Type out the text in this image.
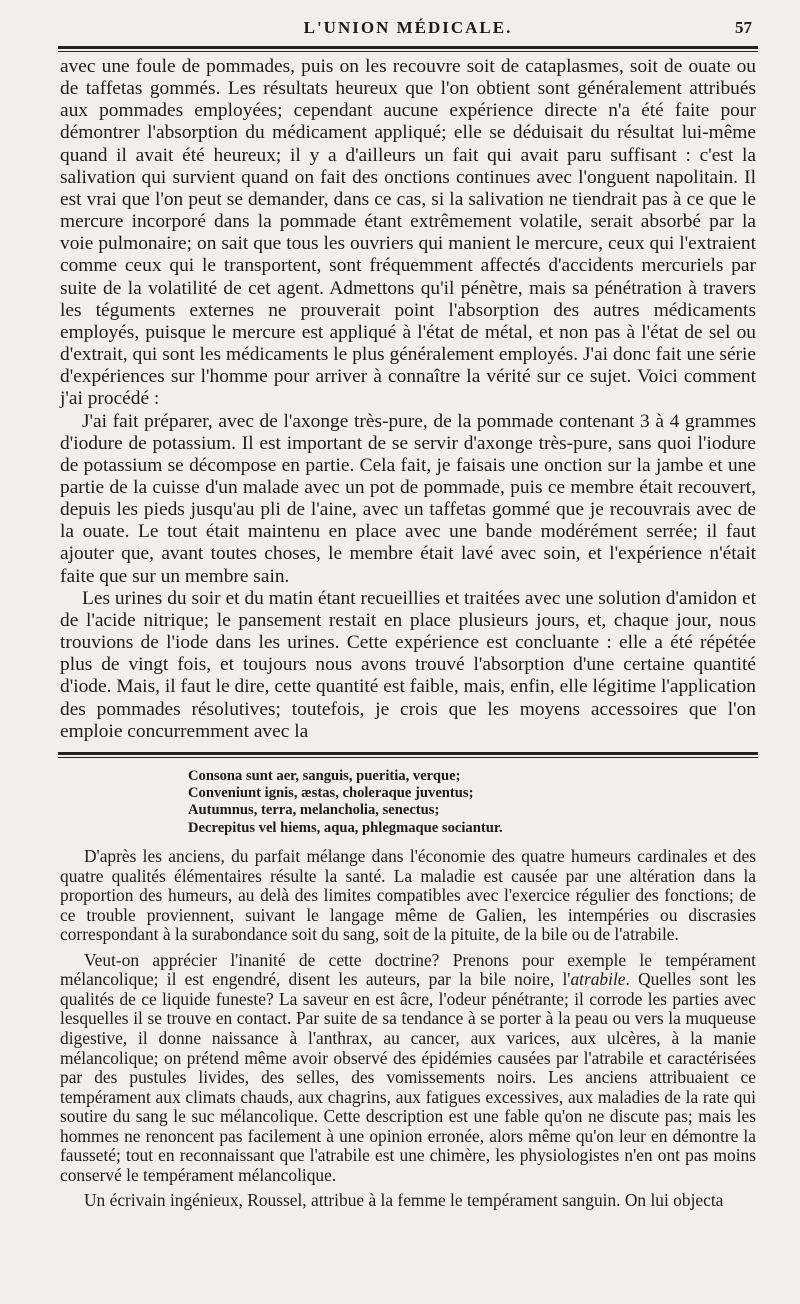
L'UNION MÉDICALE.	57

avec une foule de pommades, puis on les recouvre soit de cataplasmes, soit de ouate ou de taffetas gommés. Les résultats heureux que l'on obtient sont généralement attribués aux pommades employées; cependant aucune expérience directe n'a été faite pour démontrer l'absorption du médicament appliqué; elle se déduisait du résultat lui-même quand il avait été heureux; il y a d'ailleurs un fait qui avait paru suffisant : c'est la salivation qui survient quand on fait des onctions continues avec l'onguent napolitain. Il est vrai que l'on peut se demander, dans ce cas, si la salivation ne tiendrait pas à ce que le mercure incorporé dans la pommade étant extrêmement volatile, serait absorbé par la voie pulmonaire; on sait que tous les ouvriers qui manient le mercure, ceux qui l'extraient comme ceux qui le transportent, sont fréquemment affectés d'accidents mercuriels par suite de la volatilité de cet agent. Admettons qu'il pénètre, mais sa pénétration à travers les téguments externes ne prouverait point l'absorption des autres médicaments employés, puisque le mercure est appliqué à l'état de métal, et non pas à l'état de sel ou d'extrait, qui sont les médicaments le plus généralement employés. J'ai donc fait une série d'expériences sur l'homme pour arriver à connaître la vérité sur ce sujet. Voici comment j'ai procédé :

J'ai fait préparer, avec de l'axonge très-pure, de la pommade contenant 3 à 4 grammes d'iodure de potassium. Il est important de se servir d'axonge très-pure, sans quoi l'iodure de potassium se décompose en partie. Cela fait, je faisais une onction sur la jambe et une partie de la cuisse d'un malade avec un pot de pommade, puis ce membre était recouvert, depuis les pieds jusqu'au pli de l'aine, avec un taffetas gommé que je recouvrais avec de la ouate. Le tout était maintenu en place avec une bande modérément serrée; il faut ajouter que, avant toutes choses, le membre était lavé avec soin, et l'expérience n'était faite que sur un membre sain.

Les urines du soir et du matin étant recueillies et traitées avec une solution d'amidon et de l'acide nitrique; le pansement restait en place plusieurs jours, et, chaque jour, nous trouvions de l'iode dans les urines. Cette expérience est concluante : elle a été répétée plus de vingt fois, et toujours nous avons trouvé l'absorption d'une certaine quantité d'iode. Mais, il faut le dire, cette quantité est faible, mais, enfin, elle légitime l'application des pommades résolutives; toutefois, je crois que les moyens accessoires que l'on emploie concurremment avec la

Consona sunt aer, sanguis, pueritia, verque;
Conveniunt ignis, æstas, choleraque juventus;
Autumnus, terra, melancholia, senectus;
Decrepitus vel hiems, aqua, phlegmaque sociantur.

D'après les anciens, du parfait mélange dans l'économie des quatre humeurs cardinales et des quatre qualités élémentaires résulte la santé. La maladie est causée par une altération dans la proportion des humeurs, au delà des limites compatibles avec l'exercice régulier des fonctions; de ce trouble proviennent, suivant le langage même de Galien, les intempéries ou discrasies correspondant à la surabondance soit du sang, soit de la pituite, de la bile ou de l'atrabile.

Veut-on apprécier l'inanité de cette doctrine? Prenons pour exemple le tempérament mélancolique; il est engendré, disent les auteurs, par la bile noire, l'atrabile. Quelles sont les qualités de ce liquide funeste? La saveur en est âcre, l'odeur pénétrante; il corrode les parties avec lesquelles il se trouve en contact. Par suite de sa tendance à se porter à la peau ou vers la muqueuse digestive, il donne naissance à l'anthrax, au cancer, aux varices, aux ulcères, à la manie mélancolique; on prétend même avoir observé des épidémies causées par l'atrabile et caractérisées par des pustules livides, des selles, des vomissements noirs. Les anciens attribuaient ce tempérament aux climats chauds, aux chagrins, aux fatigues excessives, aux maladies de la rate qui soutire du sang le suc mélancolique. Cette description est une fable qu'on ne discute pas; mais les hommes ne renoncent pas facilement à une opinion erronée, alors même qu'on leur en démontre la fausseté; tout en reconnaissant que l'atrabile est une chimère, les physiologistes n'en ont pas moins conservé le tempérament mélancolique.

Un écrivain ingénieux, Roussel, attribue à la femme le tempérament sanguin. On lui objecta
